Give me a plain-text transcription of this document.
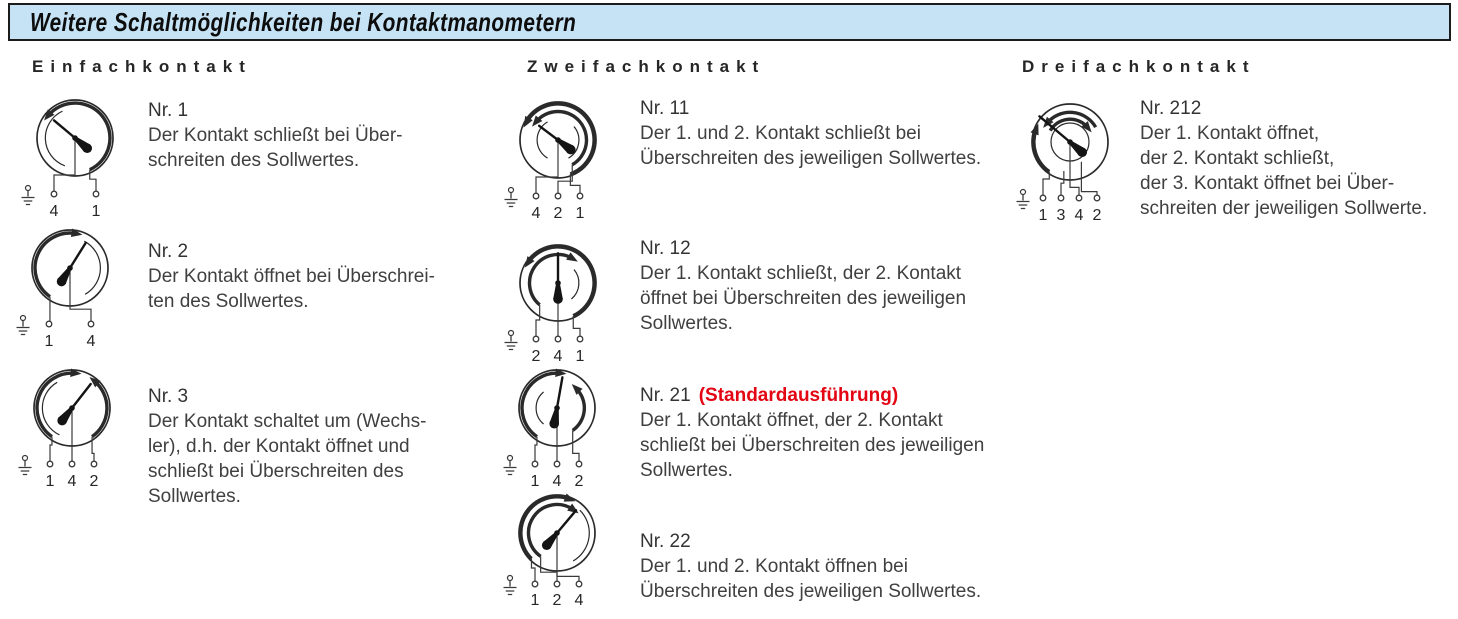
Weitere Schaltmöglichkeiten bei Kontaktmanometern
Einfachkontakt	Zweifachkontakt	Dreifachkontakt
4 1
Nr. 1
Der Kontakt schließt bei Über-
schreiten des Sollwertes.
1 4
Nr. 2
Der Kontakt öffnet bei Überschrei-
ten des Sollwertes.
1 4 2
Nr. 3
Der Kontakt schaltet um (Wechs-
ler), d.h. der Kontakt öffnet und
schließt bei Überschreiten des
Sollwertes.
4 2 1
Nr. 11
Der 1. und 2. Kontakt schließt bei
Überschreiten des jeweiligen Sollwertes.
2 4 1
Nr. 12
Der 1. Kontakt schließt, der 2. Kontakt
öffnet bei Überschreiten des jeweiligen
Sollwertes.
1 4 2
Nr. 21 (Standardausführung)
Der 1. Kontakt öffnet, der 2. Kontakt
schließt bei Überschreiten des jeweiligen
Sollwertes.
1 2 4
Nr. 22
Der 1. und 2. Kontakt öffnen bei
Überschreiten des jeweiligen Sollwertes.
1 3 4 2
Nr. 212
Der 1. Kontakt öffnet,
der 2. Kontakt schließt,
der 3. Kontakt öffnet bei Über-
schreiten der jeweiligen Sollwerte.
